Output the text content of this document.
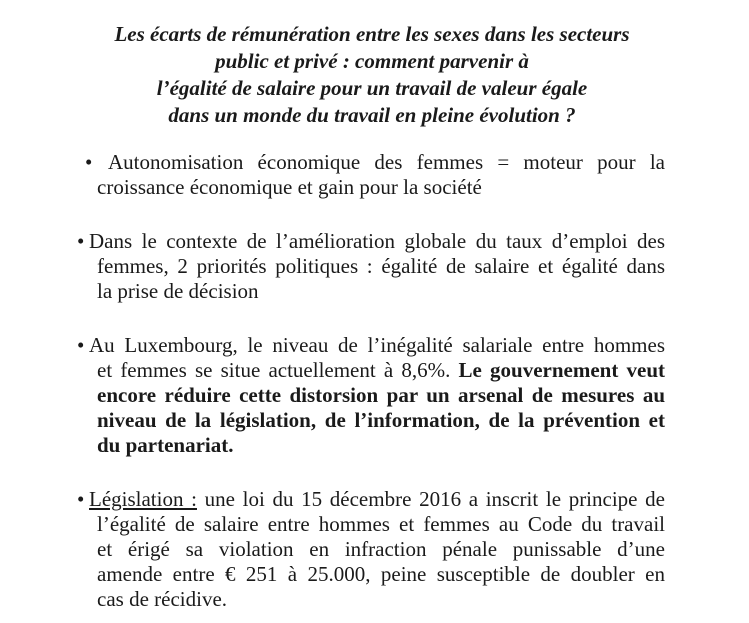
Les écarts de rémunération entre les sexes dans les secteurs
public et privé : comment parvenir à
l’égalité de salaire pour un travail de valeur égale
dans un monde du travail en pleine évolution ?
• Autonomisation économique des femmes = moteur pour la
croissance économique et gain pour la société
• Dans le contexte de l’amélioration globale du taux d’emploi des
femmes, 2 priorités politiques : égalité de salaire et égalité dans
la prise de décision
• Au Luxembourg, le niveau de l’inégalité salariale entre hommes
et femmes se situe actuellement à 8,6%. Le gouvernement veut
encore réduire cette distorsion par un arsenal de mesures au
niveau de la législation, de l’information, de la prévention et
du partenariat.
• Législation : une loi du 15 décembre 2016 a inscrit le principe de
l’égalité de salaire entre hommes et femmes au Code du travail
et érigé sa violation en infraction pénale punissable d’une
amende entre € 251 à 25.000, peine susceptible de doubler en
cas de récidive.
